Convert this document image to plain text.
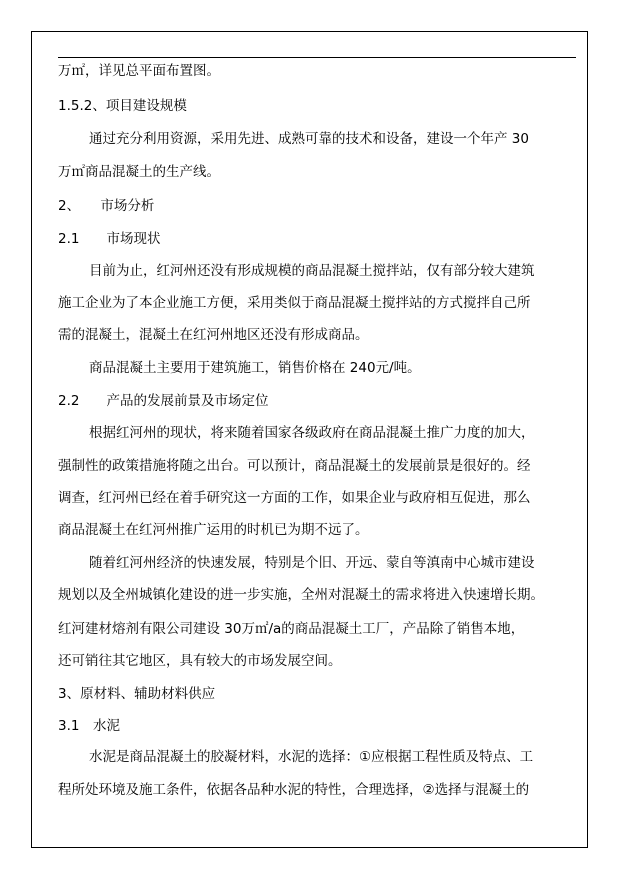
万㎡，详见总平面布置图。
1.5.2、项目建设规模
通过充分利用资源，采用先进、成熟可靠的技术和设备，建设一个年产 30
万㎡商品混凝土的生产线。
2、　　市场分析
2.1　　市场现状
目前为止，红河州还没有形成规模的商品混凝土搅拌站，仅有部分较大建筑
施工企业为了本企业施工方便，采用类似于商品混凝土搅拌站的方式搅拌自己所
需的混凝土，混凝土在红河州地区还没有形成商品。
商品混凝土主要用于建筑施工，销售价格在 240元/吨。
2.2　　产品的发展前景及市场定位
根据红河州的现状，将来随着国家各级政府在商品混凝土推广力度的加大，
强制性的政策措施将随之出台。可以预计，商品混凝土的发展前景是很好的。经
调查，红河州已经在着手研究这一方面的工作，如果企业与政府相互促进，那么
商品混凝土在红河州推广运用的时机已为期不远了。
随着红河州经济的快速发展，特别是个旧、开远、蒙自等滇南中心城市建设
规划以及全州城镇化建设的进一步实施，全州对混凝土的需求将进入快速增长期。
红河建材熔剂有限公司建设 30万㎡/a的商品混凝土工厂，产品除了销售本地，
还可销往其它地区，具有较大的市场发展空间。
3、原材料、辅助材料供应
3.1　水泥
水泥是商品混凝土的胶凝材料，水泥的选择：①应根据工程性质及特点、工
程所处环境及施工条件，依据各品种水泥的特性，合理选择，②选择与混凝土的
